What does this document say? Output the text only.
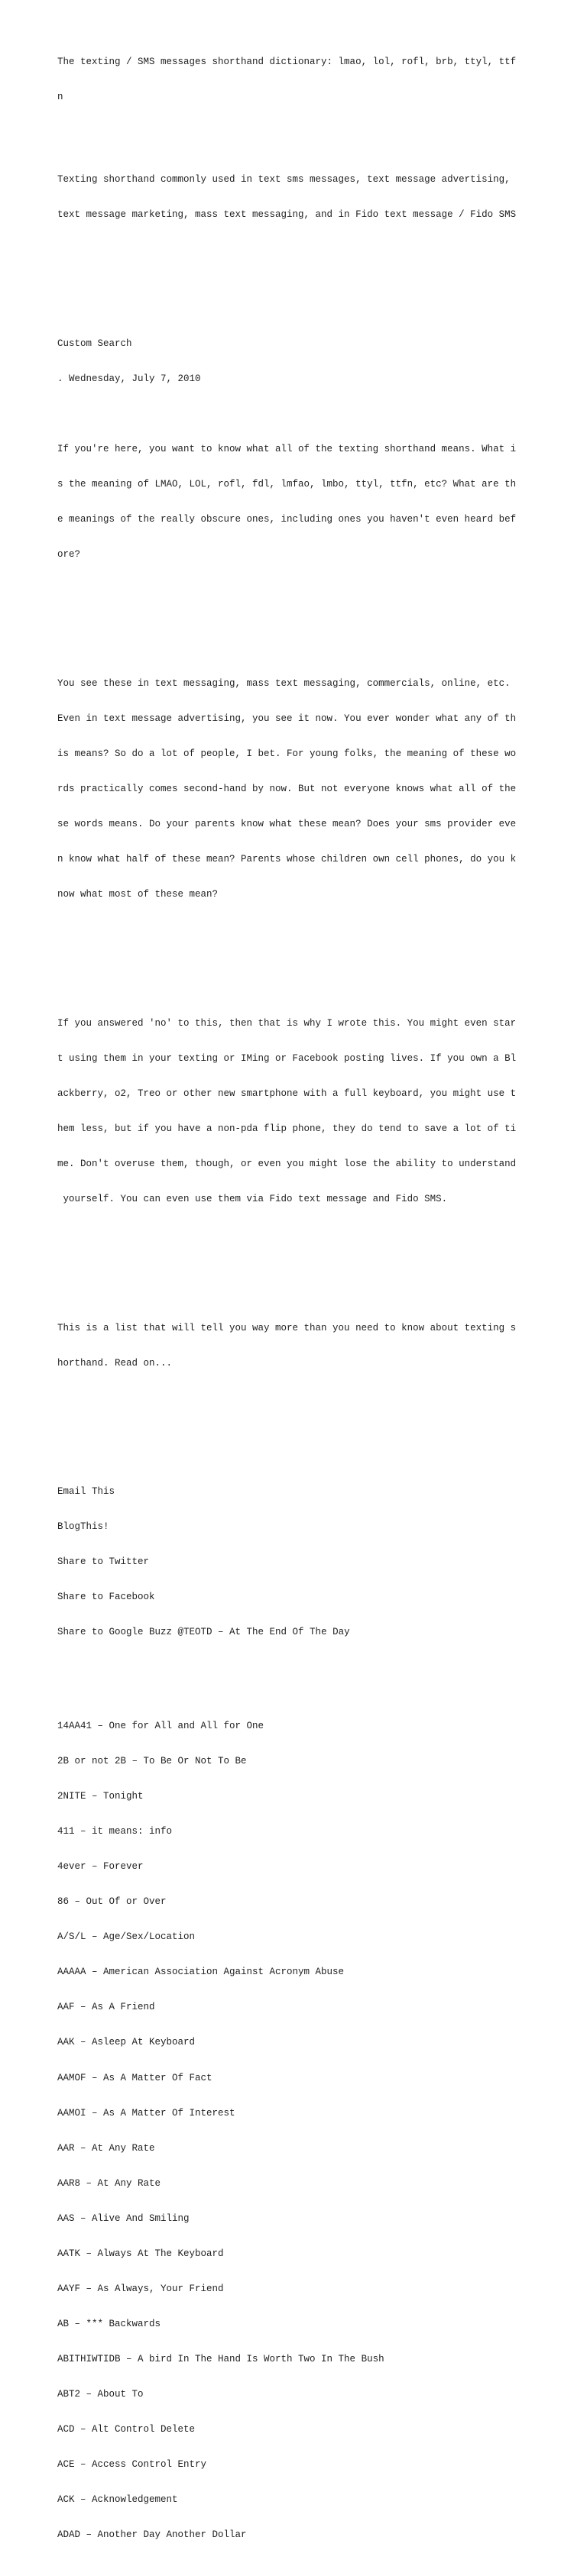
The texting / SMS messages shorthand dictionary: lmao, lol, rofl, brb, ttyl, ttf

n

Texting shorthand commonly used in text sms messages, text message advertising,

text message marketing, mass text messaging, and in Fido text message / Fido SMS

Custom Search

. Wednesday, July 7, 2010

If you're here, you want to know what all of the texting shorthand means. What i

s the meaning of LMAO, LOL, rofl, fdl, lmfao, lmbo, ttyl, ttfn, etc? What are th

e meanings of the really obscure ones, including ones you haven't even heard bef

ore?

You see these in text messaging, mass text messaging, commercials, online, etc.

Even in text message advertising, you see it now. You ever wonder what any of th

is means? So do a lot of people, I bet. For young folks, the meaning of these wo

rds practically comes second-hand by now. But not everyone knows what all of the

se words means. Do your parents know what these mean? Does your sms provider eve

n know what half of these mean? Parents whose children own cell phones, do you k

now what most of these mean?

If you answered 'no' to this, then that is why I wrote this. You might even star

t using them in your texting or IMing or Facebook posting lives. If you own a Bl

ackberry, o2, Treo or other new smartphone with a full keyboard, you might use t

hem less, but if you have a non-pda flip phone, they do tend to save a lot of ti

me. Don't overuse them, though, or even you might lose the ability to understand

yourself. You can even use them via Fido text message and Fido SMS.

This is a list that will tell you way more than you need to know about texting s

horthand. Read on...

Email This

BlogThis!

Share to Twitter

Share to Facebook

Share to Google Buzz @TEOTD – At The End Of The Day

14AA41 – One for All and All for One

2B or not 2B – To Be Or Not To Be

2NITE – Tonight

411 – it means: info

4ever – Forever

86 – Out Of or Over

A/S/L – Age/Sex/Location

AAAAA – American Association Against Acronym Abuse

AAF – As A Friend

AAK – Asleep At Keyboard

AAMOF – As A Matter Of Fact

AAMOI – As A Matter Of Interest

AAR – At Any Rate

AAR8 – At Any Rate

AAS – Alive And Smiling

AATK – Always At The Keyboard

AAYF – As Always, Your Friend

AB – *** Backwards

ABITHIWTIDB – A bird In The Hand Is Worth Two In The Bush

ABT2 – About To

ACD – Alt Control Delete

ACE – Access Control Entry

ACK – Acknowledgement

ADAD – Another Day Another Dollar
